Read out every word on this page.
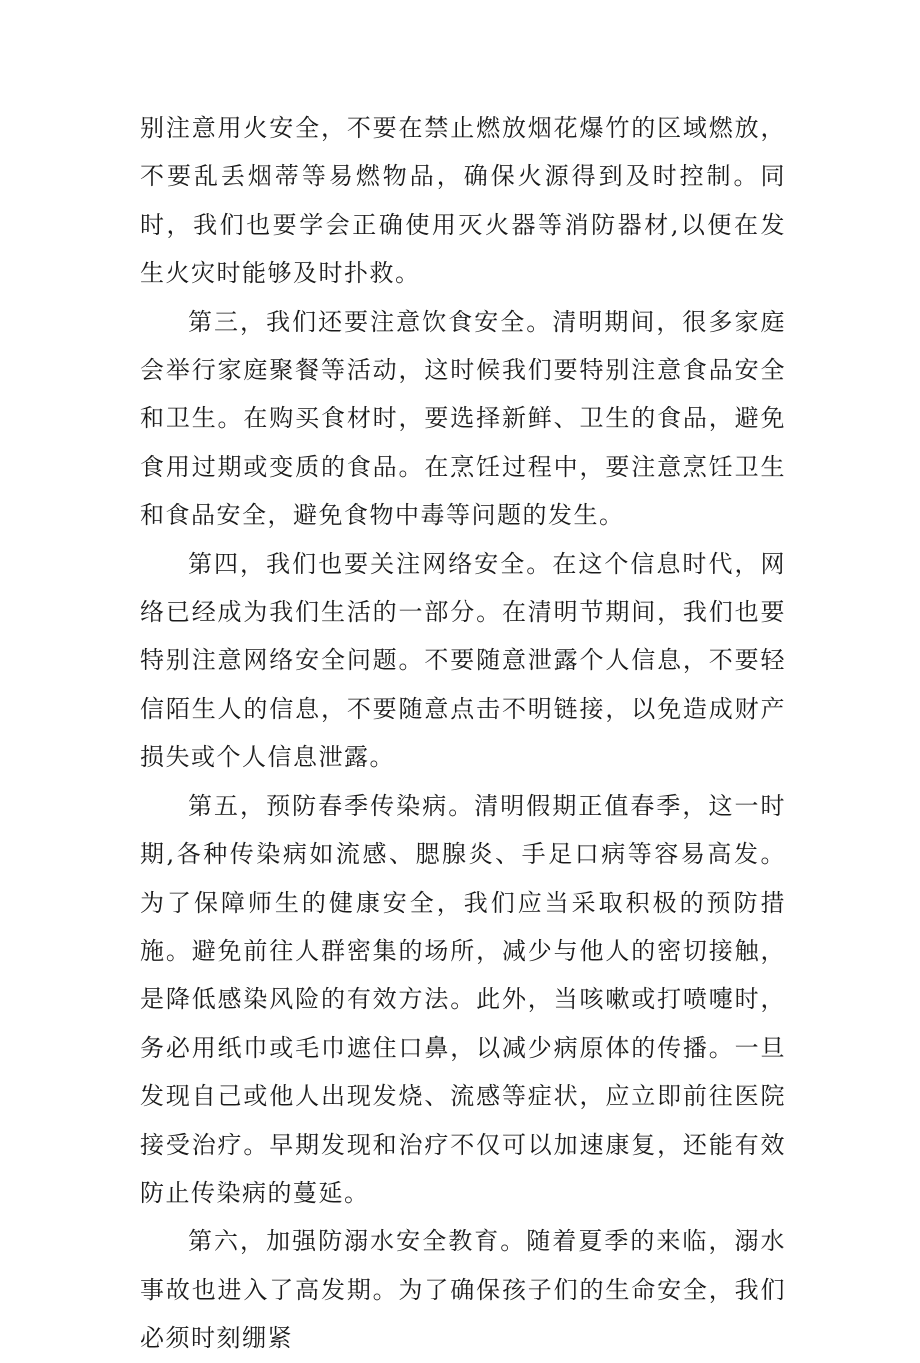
别注意用火安全，不要在禁止燃放烟花爆竹的区域燃放，不要乱丢烟蒂等易燃物品，确保火源得到及时控制。同时，我们也要学会正确使用灭火器等消防器材,以便在发生火灾时能够及时扑救。

第三，我们还要注意饮食安全。清明期间，很多家庭会举行家庭聚餐等活动，这时候我们要特别注意食品安全和卫生。在购买食材时，要选择新鲜、卫生的食品，避免食用过期或变质的食品。在烹饪过程中，要注意烹饪卫生和食品安全，避免食物中毒等问题的发生。

第四，我们也要关注网络安全。在这个信息时代，网络已经成为我们生活的一部分。在清明节期间，我们也要特别注意网络安全问题。不要随意泄露个人信息，不要轻信陌生人的信息，不要随意点击不明链接，以免造成财产损失或个人信息泄露。

第五，预防春季传染病。清明假期正值春季，这一时期,各种传染病如流感、腮腺炎、手足口病等容易高发。为了保障师生的健康安全，我们应当采取积极的预防措施。避免前往人群密集的场所，减少与他人的密切接触，是降低感染风险的有效方法。此外，当咳嗽或打喷嚏时，务必用纸巾或毛巾遮住口鼻，以减少病原体的传播。一旦发现自己或他人出现发烧、流感等症状，应立即前往医院接受治疗。早期发现和治疗不仅可以加速康复，还能有效防止传染病的蔓延。

第六，加强防溺水安全教育。随着夏季的来临，溺水事故也进入了高发期。为了确保孩子们的生命安全，我们必须时刻绷紧
